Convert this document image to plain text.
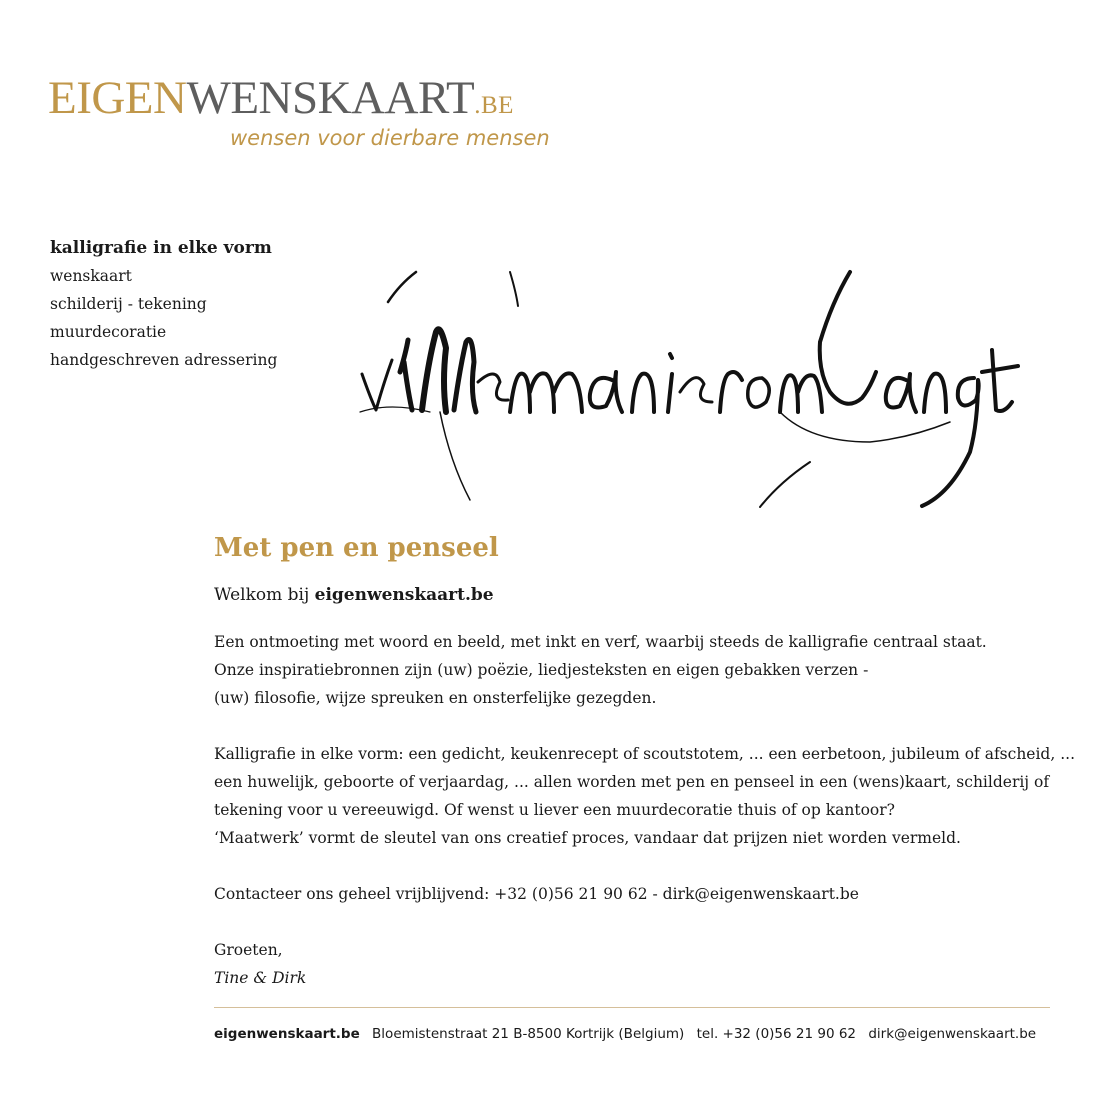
EIGENWENSKAART.BE
wensen voor dierbare mensen
kalligrafie in elke vorm
wenskaart
schilderij - tekening
muurdecoratie
handgeschreven adressering
Met pen en penseel
Welkom bij eigenwenskaart.be
Een ontmoeting met woord en beeld, met inkt en verf, waarbij steeds de kalligrafie centraal staat.
Onze inspiratiebronnen zijn (uw) poëzie, liedjesteksten en eigen gebakken verzen -
(uw) filosofie, wijze spreuken en onsterfelijke gezegden.
Kalligrafie in elke vorm: een gedicht, keukenrecept of scoutstotem, ... een eerbetoon, jubileum of afscheid, ...
een huwelijk, geboorte of verjaardag, ... allen worden met pen en penseel in een (wens)kaart, schilderij of
tekening voor u vereeuwigd. Of wenst u liever een muurdecoratie thuis of op kantoor?
‘Maatwerk’ vormt de sleutel van ons creatief proces, vandaar dat prijzen niet worden vermeld.
Contacteer ons geheel vrijblijvend: +32 (0)56 21 90 62 - dirk@eigenwenskaart.be
Groeten,
Tine & Dirk
eigenwenskaart.be Bloemistenstraat 21 B-8500 Kortrijk (Belgium) tel. +32 (0)56 21 90 62 dirk@eigenwenskaart.be
